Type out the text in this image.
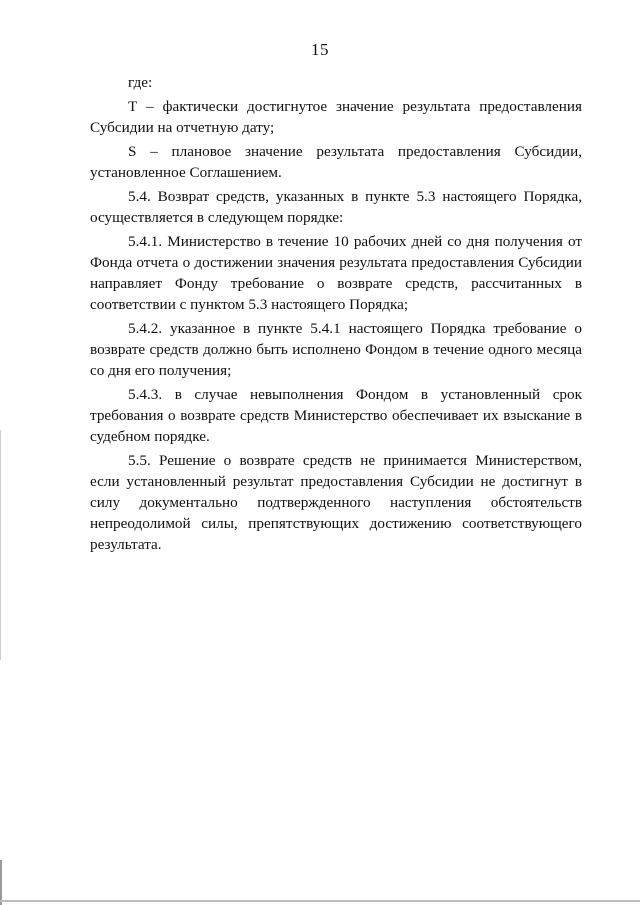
15

где:

Т – фактически достигнутое значение результата предоставления Субсидии на отчетную дату;

S – плановое значение результата предоставления Субсидии, установленное Соглашением.

5.4. Возврат средств, указанных в пункте 5.3 настоящего Порядка, осуществляется в следующем порядке:

5.4.1. Министерство в течение 10 рабочих дней со дня получения от Фонда отчета о достижении значения результата предоставления Субсидии направляет Фонду требование о возврате средств, рассчитанных в соответствии с пунктом 5.3 настоящего Порядка;

5.4.2. указанное в пункте 5.4.1 настоящего Порядка требование о возврате средств должно быть исполнено Фондом в течение одного месяца со дня его получения;

5.4.3. в случае невыполнения Фондом в установленный срок требования о возврате средств Министерство обеспечивает их взыскание в судебном порядке.

5.5. Решение о возврате средств не принимается Министерством, если установленный результат предоставления Субсидии не достигнут в силу документально подтвержденного наступления обстоятельств непреодолимой силы, препятствующих достижению соответствующего результата.
